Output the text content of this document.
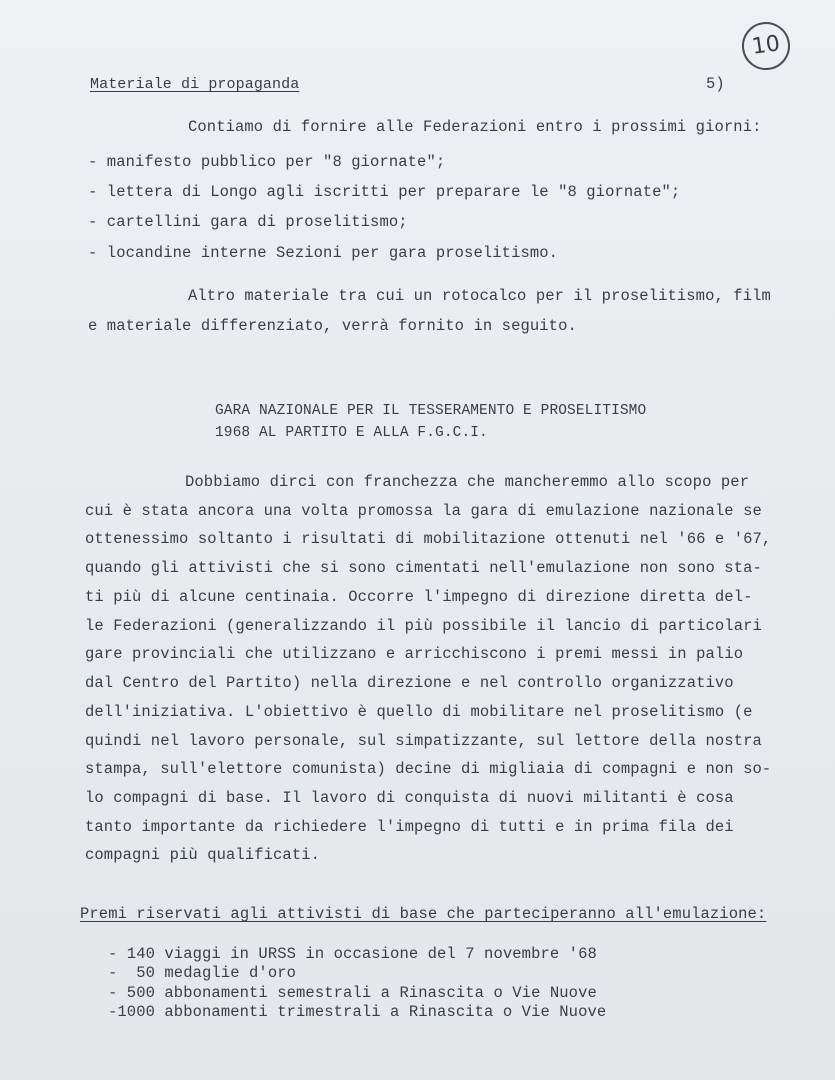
10
Materiale di propaganda	5)
Contiamo di fornire alle Federazioni entro i prossimi giorni:
- manifesto pubblico per "8 giornate";
- lettera di Longo agli iscritti per preparare le "8 giornate";
- cartellini gara di proselitismo;
- locandine interne Sezioni per gara proselitismo.
Altro materiale tra cui un rotocalco per il proselitismo, film
e materiale differenziato, verrà fornito in seguito.
GARA NAZIONALE PER IL TESSERAMENTO E PROSELITISMO
1968 AL PARTITO E ALLA F.G.C.I.
Dobbiamo dirci con franchezza che mancheremmo allo scopo per
cui è stata ancora una volta promossa la gara di emulazione nazionale se
ottenessimo soltanto i risultati di mobilitazione ottenuti nel '66 e '67,
quando gli attivisti che si sono cimentati nell'emulazione non sono sta-
ti più di alcune centinaia. Occorre l'impegno di direzione diretta del-
le Federazioni (generalizzando il più possibile il lancio di particolari
gare provinciali che utilizzano e arricchiscono i premi messi in palio
dal Centro del Partito) nella direzione e nel controllo organizzativo
dell'iniziativa. L'obiettivo è quello di mobilitare nel proselitismo (e
quindi nel lavoro personale, sul simpatizzante, sul lettore della nostra
stampa, sull'elettore comunista) decine di migliaia di compagni e non so-
lo compagni di base. Il lavoro di conquista di nuovi militanti è cosa
tanto importante da richiedere l'impegno di tutti e in prima fila dei
compagni più qualificati.
Premi riservati agli attivisti di base che parteciperanno all'emulazione:
- 140 viaggi in URSS in occasione del 7 novembre '68
-  50 medaglie d'oro
- 500 abbonamenti semestrali a Rinascita o Vie Nuove
-1000 abbonamenti trimestrali a Rinascita o Vie Nuove
